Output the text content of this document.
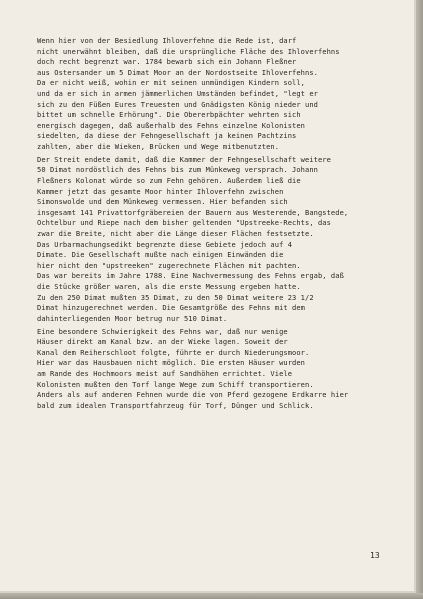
Wenn hier von der Besiedlung Ihloverfehne die Rede ist, darf
nicht unerwähnt bleiben, daß die ursprüngliche Fläche des Ihloverfehns
doch recht begrenzt war. 1784 bewarb sich ein Johann Fleßner
aus Ostersander um 5 Dimat Moor an der Nordostseite Ihloverfehns.
Da er nicht weiß, wohin er mit seinen unmündigen Kindern soll,
und da er sich in armen jämmerlichen Umständen befindet, "legt er
sich zu den Füßen Eures Treuesten und Gnädigsten König nieder und
bittet um schnelle Erhörung". Die Obererbpächter wehrten sich
energisch dagegen, daß außerhalb des Fehns einzelne Kolonisten
siedelten, da diese der Fehngesellschaft ja keinen Pachtzins
zahlten, aber die Wieken, Brücken und Wege mitbenutzten.
Der Streit endete damit, daß die Kammer der Fehngesellschaft weitere
50 Dimat nordöstlich des Fehns bis zum Münkeweg versprach. Johann
Fleßners Kolonat würde so zum Fehn gehören. Außerdem ließ die
Kammer jetzt das gesamte Moor hinter Ihloverfehn zwischen
Simonswolde und dem Münkeweg vermessen. Hier befanden sich
insgesamt 141 Privattorfgräbereien der Bauern aus Westerende, Bangstede,
Ochtelbur und Riepe nach dem bisher geltenden "Upstreeke-Rechts, das
zwar die Breite, nicht aber die Länge dieser Flächen festsetzte.
Das Urbarmachungsedikt begrenzte diese Gebiete jedoch auf 4
Dimate. Die Gesellschaft mußte nach einigen Einwänden die
hier nicht den "upstreeken" zugerechnete Flächen mit pachten.
Das war bereits im Jahre 1788. Eine Nachvermessung des Fehns ergab, daß
die Stücke größer waren, als die erste Messung ergeben hatte.
Zu den 250 Dimat mußten 35 Dimat, zu den 50 Dimat weitere 23 1/2
Dimat hinzugerechnet werden. Die Gesamtgröße des Fehns mit dem
dahinterliegenden Moor betrug nur 510 Dimat.
Eine besondere Schwierigkeit des Fehns war, daß nur wenige
Häuser direkt am Kanal bzw. an der Wieke lagen. Soweit der
Kanal dem Reiherschloot folgte, führte er durch Niederungsmoor.
Hier war das Hausbauen nicht möglich. Die ersten Häuser wurden
am Rande des Hochmoors meist auf Sandhöhen errichtet. Viele
Kolonisten mußten den Torf lange Wege zum Schiff transportieren.
Anders als auf anderen Fehnen wurde die von Pferd gezogene Erdkarre hier
bald zum idealen Transportfahrzeug für Torf, Dünger und Schlick.
13
